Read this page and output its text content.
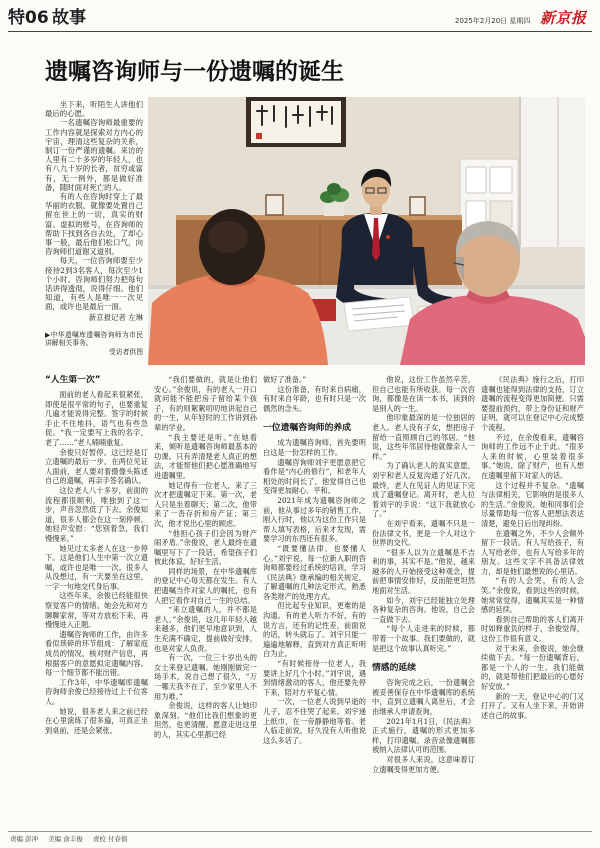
特06 故事	2025年2月20日 星期四 新京报
遗嘱咨询师与一份遗嘱的诞生

坐下来，听陌生人讲他们最后的心愿。

一名遗嘱咨询师最重要的工作内容就是探索对方内心的宇宙，理清这些复杂的关系，制订一份严谨的遗嘱。来访的人里有二十多岁的年轻人，也有八九十岁的长者，贫穷或富有，无一例外，都是做好准备，随时面对死亡的人。

有的人在咨询时穿上了最华丽的衣服，就像要处置自己留在世上的一切，真实的财富、虚拟的账号，在咨询师的帮助下找到各自去处，了却心事一般，最后他们松口气，向咨询师们道谢又道别。

每天，一位咨询师要至少接待2到3名客人，每次至少1个小时。咨询师们努力把每句话讲得透彻，说得仔细。他们知道，有些人是唯一一次见面，或许也是最后一面。

新京报记者 左琳
▶中华遗嘱库遗嘱咨询师为市民讲解相关事务。
受访者供图
“人生第一次”

面前的老人看起来很紧张，即使是很平常的句子，也要重复几遍才能说得完整。签字的时候手止不住地抖，语气也有些急促。“我一定要写上我的名字，老了……”老人喃喃重复。

余俊只好暂停。这已经是订立遗嘱的最后一步，在两位见证人面前，老人要对着摄像头陈述自己的遗嘱，再亲手签名确认。

这位老人八十多岁，前面的流程都很顺利，唯独到了这一步，声音忽然低了下去。余俊知道，很多人都会在这一刻停顿。她轻声安慰：“您别着急，我们慢慢来。”

她见过太多老人在这一步停下。这是他们人生中第一次立遗嘱，或许也是唯一一次。很多人从没想过，有一天要坐在这里，一字一句地交代身后事。

这些年来，余俊已经能很快察觉客户的情绪。她会先和对方聊聊家常，等对方放松下来，再慢慢进入正题。

遗嘱咨询师的工作，由许多看似琐碎的环节组成：了解家庭成员的情况，核对财产信息，再根据客户的意愿拟定遗嘱内容。每一个细节都不能出错。

工作3年，中华遗嘱库遗嘱咨询师余俊已经接待过上千位客人。

她说，很多老人来之前已经在心里演练了很多遍，可真正坐到桌前，还是会紧张。

“我们要做的，就是让他们安心。”余俊说，有的老人一开口就问能不能把房子留给某个孩子，有的则絮絮叨叨地讲起自己的一生，从年轻时的工作讲到孙辈的学业。

“我主要还是听。”在她看来，倾听是遗嘱咨询师最基本的功课。只有弄清楚老人真正的想法，才能帮他们把心愿准确地写进遗嘱里。

她记得有一位老人，来了三次才把遗嘱定下来。第一次，老人只是坐着聊天；第二次，他带来了一沓存折和房产证；第三次，他才说出心里的顾虑。

“他担心孩子们会因为财产闹矛盾。”余俊说，老人最终在遗嘱里写下了一段话，希望孩子们彼此体谅，好好生活。

同样的场景，在中华遗嘱库的登记中心每天都在发生。有人把遗嘱当作对家人的嘱托，也有人把它看作对自己一生的总结。

“来立遗嘱的人，并不都是老人。”余俊说，这几年年轻人越来越多，他们更早地意识到，人生充满不确定，提前做好安排，也是对家人负责。

有一次，一位三十岁出头的女士来登记遗嘱。她刚刚做完一场手术，说自己想了很久，“万一哪天我不在了，至少家里人不用为难。”

余俊说，这样的客人让她印象深刻。“他们比我们想象的更坦然，也更清醒。愿意走进这里的人，其实心里都已经

做好了准备。”

这份准备，有时来自病痛，有时来自年龄，也有时只是一次偶然的念头。

一位遗嘱咨询师的养成

成为遗嘱咨询师，首先要明白这是一份怎样的工作。

遗嘱咨询师刘宇更愿意把它看作是“内心的修行”，和老年人相处的时间长了，他觉得自己也变得更加耐心、平和。

2021年成为遗嘱咨询师之前，他从事过多年的销售工作。刚入行时，他以为这份工作只是帮人填写表格，后来才发现，需要学习的东西还有很多。

“既要懂法律，也要懂人心。”刘宇说，每一位新入职的咨询师都要经过系统的培训，学习《民法典》继承编的相关规定，了解遗嘱的几种法定形式，熟悉各类财产的处理方式。

但比起专业知识，更难的是沟通。有的老人听力不好，有的说方言，还有的记性差，前面说的话，转头就忘了。刘宇只能一遍遍地解释，直到对方真正听明白为止。

“有时候接待一位老人，我要讲上好几个小时。”刘宇说，遇到情绪激动的客人，他还要先停下来，陪对方平复心情。

一次，一位老人说到早逝的儿子，忍不住哭了起来。刘宇递上纸巾，在一旁静静地等着。老人临走前说，好久没有人听他说这么多话了。

他说，这份工作虽然辛苦，但自己也能有所收获。每一次咨询，都像是在读一本书，读到的是别人的一生。

他印象最深的是一位独居的老人。老人没有子女，想把房子留给一直照顾自己的邻居。“他说，这些年邻居待他就像亲人一样。”

为了确认老人的真实意愿，刘宇和老人反复沟通了好几次。最终，老人在见证人的见证下完成了遗嘱登记。离开时，老人拉着刘宇的手说：“这下我就放心了。”

在刘宇看来，遗嘱不只是一份法律文书，更是一个人对这个世界的交代。

“很多人以为立遗嘱是不吉利的事，其实不是。”他说，越来越多的人开始接受这种观念，提前把事情安排好，反而能更坦然地面对生活。

如今，刘宇已经能独立处理各种复杂的咨询。他说，自己会一直做下去。

“每个人走进来的时候，都带着一个故事。我们要做的，就是把这个故事认真听完。”

情感的延续

咨询完成之后，一份遗嘱会被妥善保存在中华遗嘱库的系统中，直到立遗嘱人离世后，才会由继承人申请查询。

2021年1月1日，《民法典》正式施行，遗嘱的形式更加多样，打印遗嘱、录音录像遗嘱都被纳入法律认可的范围。

对很多人来说，这意味着订立遗嘱变得更加方便。

《民法典》施行之后，打印遗嘱也能得到法律的支持，订立遗嘱的流程变得更加简便。只需要提前预约，带上身份证和财产证明，就可以在登记中心完成整个流程。

不过，在余俊看来，遗嘱咨询师的工作远不止于此。“很多人来的时候，心里装着很多事。”她说，除了财产，也有人想在遗嘱里留下对家人的话。

这个过程并不复杂。“遗嘱与法律相关，它影响的是很多人的生活。”余俊说，她和同事们会尽量帮助每一位客人把想法表达清楚，避免日后出现纠纷。

在遗嘱之外，不少人会额外留下一段话。有人写给孩子，有人写给老伴，也有人写给多年的朋友。这些文字不具备法律效力，却是他们最想说的心里话。

“有的人会哭，有的人会笑。”余俊说，看到这些的时候，她常常觉得，遗嘱其实是一种情感的延续。

看到自己帮助的客人们离开时如释重负的样子，余俊觉得，这份工作很有意义。

对于未来，余俊说，她会继续做下去。“每一份遗嘱背后，都是一个人的一生。我们能做的，就是帮他们把最后的心愿好好安放。”

新的一天，登记中心的门又打开了。又有人坐下来，开始讲述自己的故事。

责编 彭冲 美编 俞丰俊 责校 付春愔
